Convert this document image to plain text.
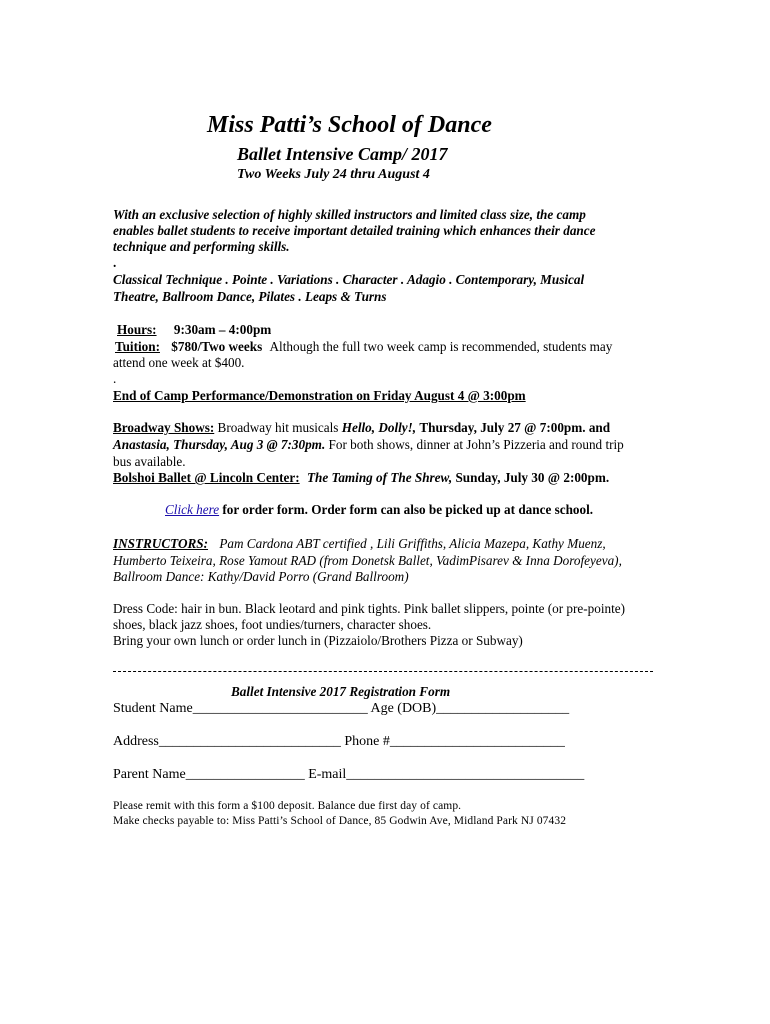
Miss Patti’s School of Dance
Ballet Intensive Camp/ 2017
Two Weeks July 24 thru August 4
With an exclusive selection of highly skilled instructors and limited class size, the camp
enables ballet students to receive important detailed training which enhances their dance
technique and performing skills.
.
Classical Technique . Pointe . Variations . Character . Adagio . Contemporary, Musical
Theatre, Ballroom Dance, Pilates . Leaps & Turns
Hours: 9:30am – 4:00pm
Tuition: $780/Two weeks Although the full two week camp is recommended, students may
attend one week at $400.
.
End of Camp Performance/Demonstration on Friday August 4 @ 3:00pm
Broadway Shows: Broadway hit musicals Hello, Dolly!, Thursday, July 27 @ 7:00pm. and
Anastasia, Thursday, Aug 3 @ 7:30pm. For both shows, dinner at John’s Pizzeria and round trip
bus available.
Bolshoi Ballet @ Lincoln Center: The Taming of The Shrew, Sunday, July 30 @ 2:00pm.
Click here for order form. Order form can also be picked up at dance school.
INSTRUCTORS: Pam Cardona ABT certified , Lili Griffiths, Alicia Mazepa, Kathy Muenz,
Humberto Teixeira, Rose Yamout RAD (from Donetsk Ballet, VadimPisarev & Inna Dorofeyeva),
Ballroom Dance: Kathy/David Porro (Grand Ballroom)
Dress Code: hair in bun. Black leotard and pink tights. Pink ballet slippers, pointe (or pre-pointe)
shoes, black jazz shoes, foot undies/turners, character shoes.
Bring your own lunch or order lunch in (Pizzaiolo/Brothers Pizza or Subway)
Ballet Intensive 2017 Registration Form
Student Name_________________________ Age (DOB)___________________
Address__________________________ Phone #_________________________
Parent Name_________________ E-mail__________________________________
Please remit with this form a $100 deposit. Balance due first day of camp.
Make checks payable to: Miss Patti’s School of Dance, 85 Godwin Ave, Midland Park NJ 07432
